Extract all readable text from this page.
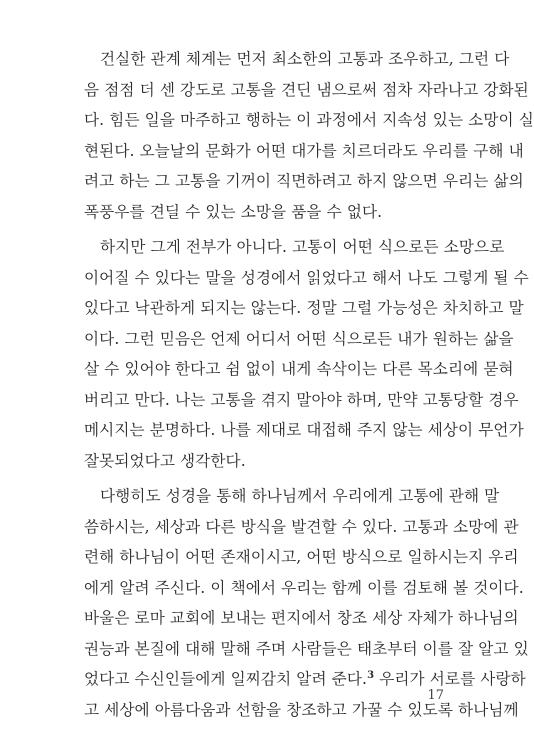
건실한 관계 체계는 먼저 최소한의 고통과 조우하고, 그런 다
음 점점 더 센 강도로 고통을 견딘 냄으로써 점차 자라나고 강화된
다. 힘든 일을 마주하고 행하는 이 과정에서 지속성 있는 소망이 실
현된다. 오늘날의 문화가 어떤 대가를 치르더라도 우리를 구해 내
려고 하는 그 고통을 기꺼이 직면하려고 하지 않으면 우리는 삶의
폭풍우를 견딜 수 있는 소망을 품을 수 없다.
하지만 그게 전부가 아니다. 고통이 어떤 식으로든 소망으로
이어질 수 있다는 말을 성경에서 읽었다고 해서 나도 그렇게 될 수
있다고 낙관하게 되지는 않는다. 정말 그럴 가능성은 차치하고 말
이다. 그런 믿음은 언제 어디서 어떤 식으로든 내가 원하는 삶을
살 수 있어야 한다고 쉼 없이 내게 속삭이는 다른 목소리에 묻혀
버리고 만다. 나는 고통을 겪지 말아야 하며, 만약 고통당할 경우
메시지는 분명하다. 나를 제대로 대접해 주지 않는 세상이 무언가
잘못되었다고 생각한다.
다행히도 성경을 통해 하나님께서 우리에게 고통에 관해 말
씀하시는, 세상과 다른 방식을 발견할 수 있다. 고통과 소망에 관
련해 하나님이 어떤 존재이시고, 어떤 방식으로 일하시는지 우리
에게 알려 주신다. 이 책에서 우리는 함께 이를 검토해 볼 것이다.
바울은 로마 교회에 보내는 편지에서 창조 세상 자체가 하나님의
권능과 본질에 대해 말해 주며 사람들은 태초부터 이를 잘 알고 있
었다고 수신인들에게 일찌감치 알려 준다.$^3$ 우리가 서로를 사랑하
고 세상에 아름다움과 선함을 창조하고 가꿀 수 있도록 하나님께
17
